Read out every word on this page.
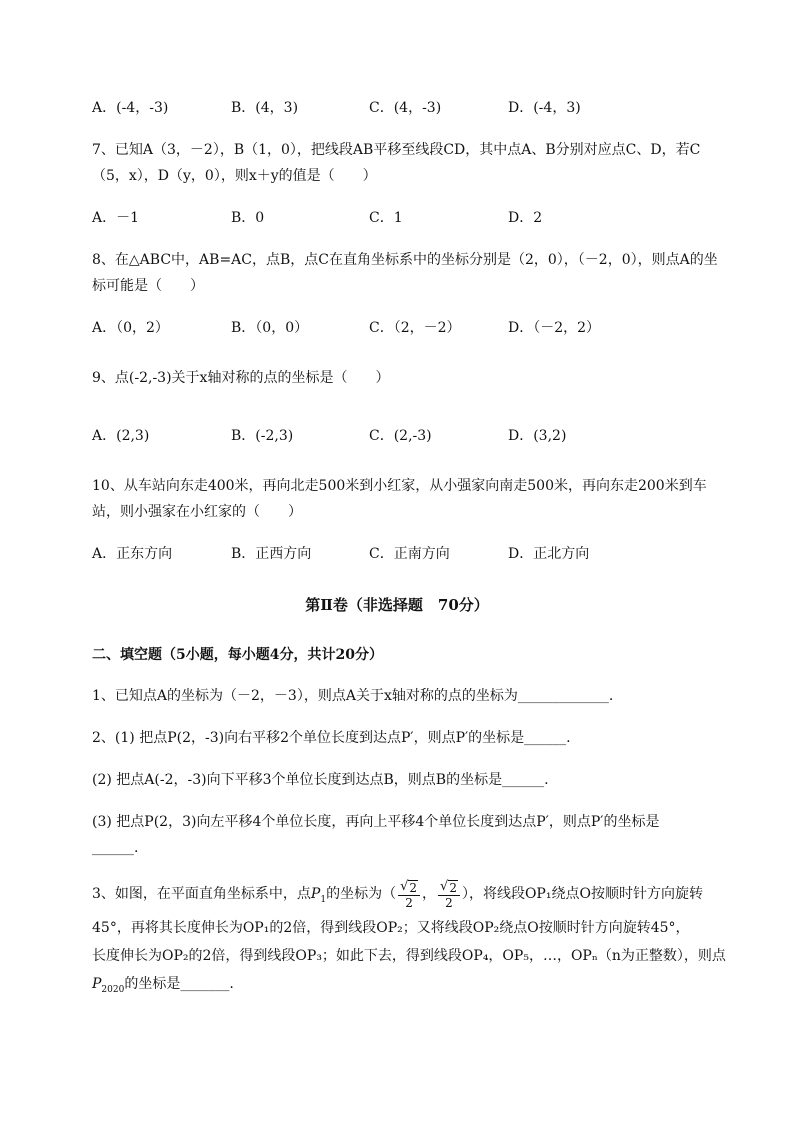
A．(-4，-3)	B．(4，3)	C．(4，-3)	D．(-4，3)
7、已知A（3，－2），B（1，0），把线段AB平移至线段CD，其中点A、B分别对应点C、D，若C
（5，x），D（y，0），则x＋y的值是（　　）
A．－1	B．0	C．1	D．2
8、在△ABC中，AB=AC，点B，点C在直角坐标系中的坐标分别是（2，0），（－2，0），则点A的坐
标可能是（　　）
A．（0，2）	B．（0，0）	C．（2，－2）	D．（－2，2）
9、点(-2,-3)关于x轴对称的点的坐标是（　　）
A．(2,3)	B．(-2,3)	C．(2,-3)	D．(3,2)
10、从车站向东走400米，再向北走500米到小红家，从小强家向南走500米，再向东走200米到车
站，则小强家在小红家的（　　）
A．正东方向	B．正西方向	C．正南方向	D．正北方向
第Ⅱ卷（非选择题　70分）
二、填空题（5小题，每小题4分，共计20分）
1、已知点A的坐标为（－2，－3），则点A关于x轴对称的点的坐标为_____________.
2、(1) 把点P(2，-3)向右平移2个单位长度到达点P′，则点P′的坐标是______.
(2) 把点A(-2，-3)向下平移3个单位长度到达点B，则点B的坐标是______.
(3) 把点P(2，3)向左平移4个单位长度，再向上平移4个单位长度到达点P′，则点P′的坐标是
______.
3、如图，在平面直角坐标系中，点$P_1$的坐标为（ $\frac{√ 2}{2}$ ， $\frac{√ 2}{2}$ ），将线段OP₁绕点O按顺时针方向旋转
45°，再将其长度伸长为OP₁的2倍，得到线段OP₂；又将线段OP₂绕点O按顺时针方向旋转45°，
长度伸长为OP₂的2倍，得到线段OP₃；如此下去，得到线段OP₄，OP₅，…，OPₙ（n为正整数），则点
$P_{2020}$的坐标是_______.
